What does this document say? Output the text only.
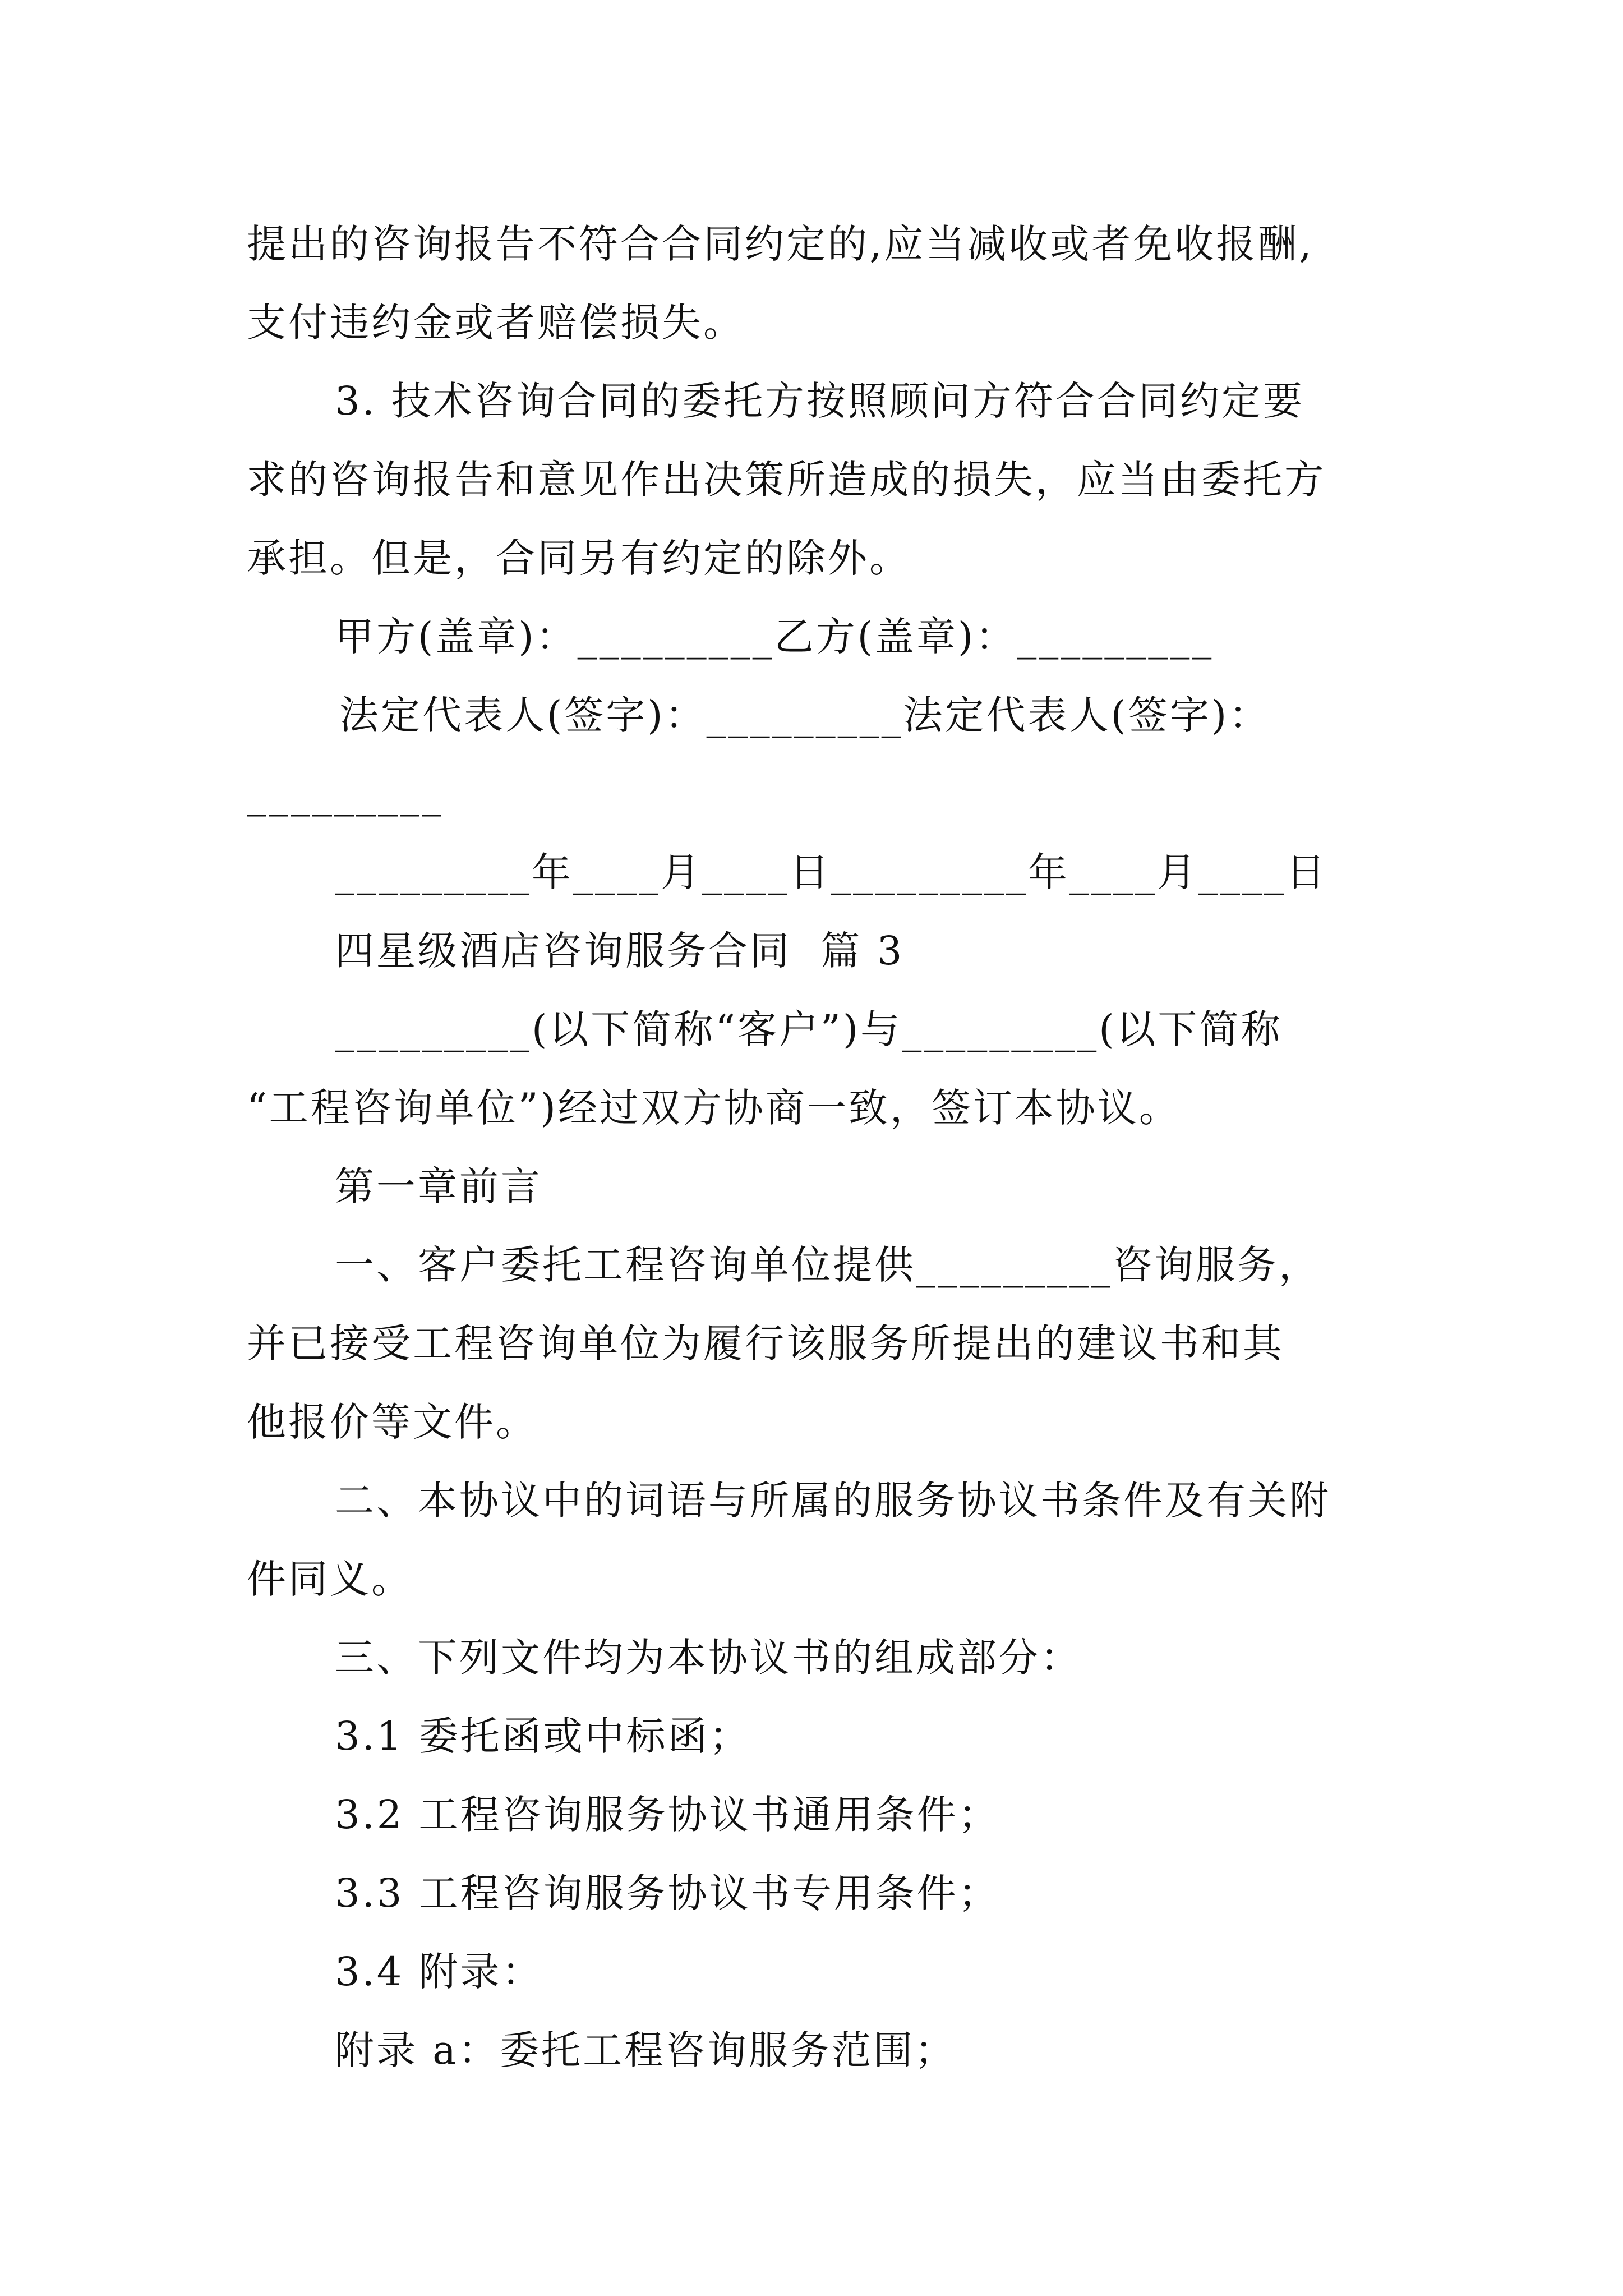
提出的咨询报告不符合合同约定的,应当减收或者免收报酬,

支付违约金或者赔偿损失。

3. 技术咨询合同的委托方按照顾问方符合合同约定要

求的咨询报告和意见作出决策所造成的损失，应当由委托方

承担。但是，合同另有约定的除外。

甲方(盖章)：_________乙方(盖章)：_________

法定代表人(签字)：_________法定代表人(签字)：

_________

_________年____月____日_________年____月____日

四星级酒店咨询服务合同  篇 3

_________(以下简称“客户”)与_________(以下简称

“工程咨询单位”)经过双方协商一致，签订本协议。

第一章前言

一、客户委托工程咨询单位提供_________咨询服务，

并已接受工程咨询单位为履行该服务所提出的建议书和其

他报价等文件。

二、本协议中的词语与所属的服务协议书条件及有关附

件同义。

三、下列文件均为本协议书的组成部分：

3.1 委托函或中标函；

3.2 工程咨询服务协议书通用条件；

3.3 工程咨询服务协议书专用条件；

3.4 附录：

附录 a：委托工程咨询服务范围；
